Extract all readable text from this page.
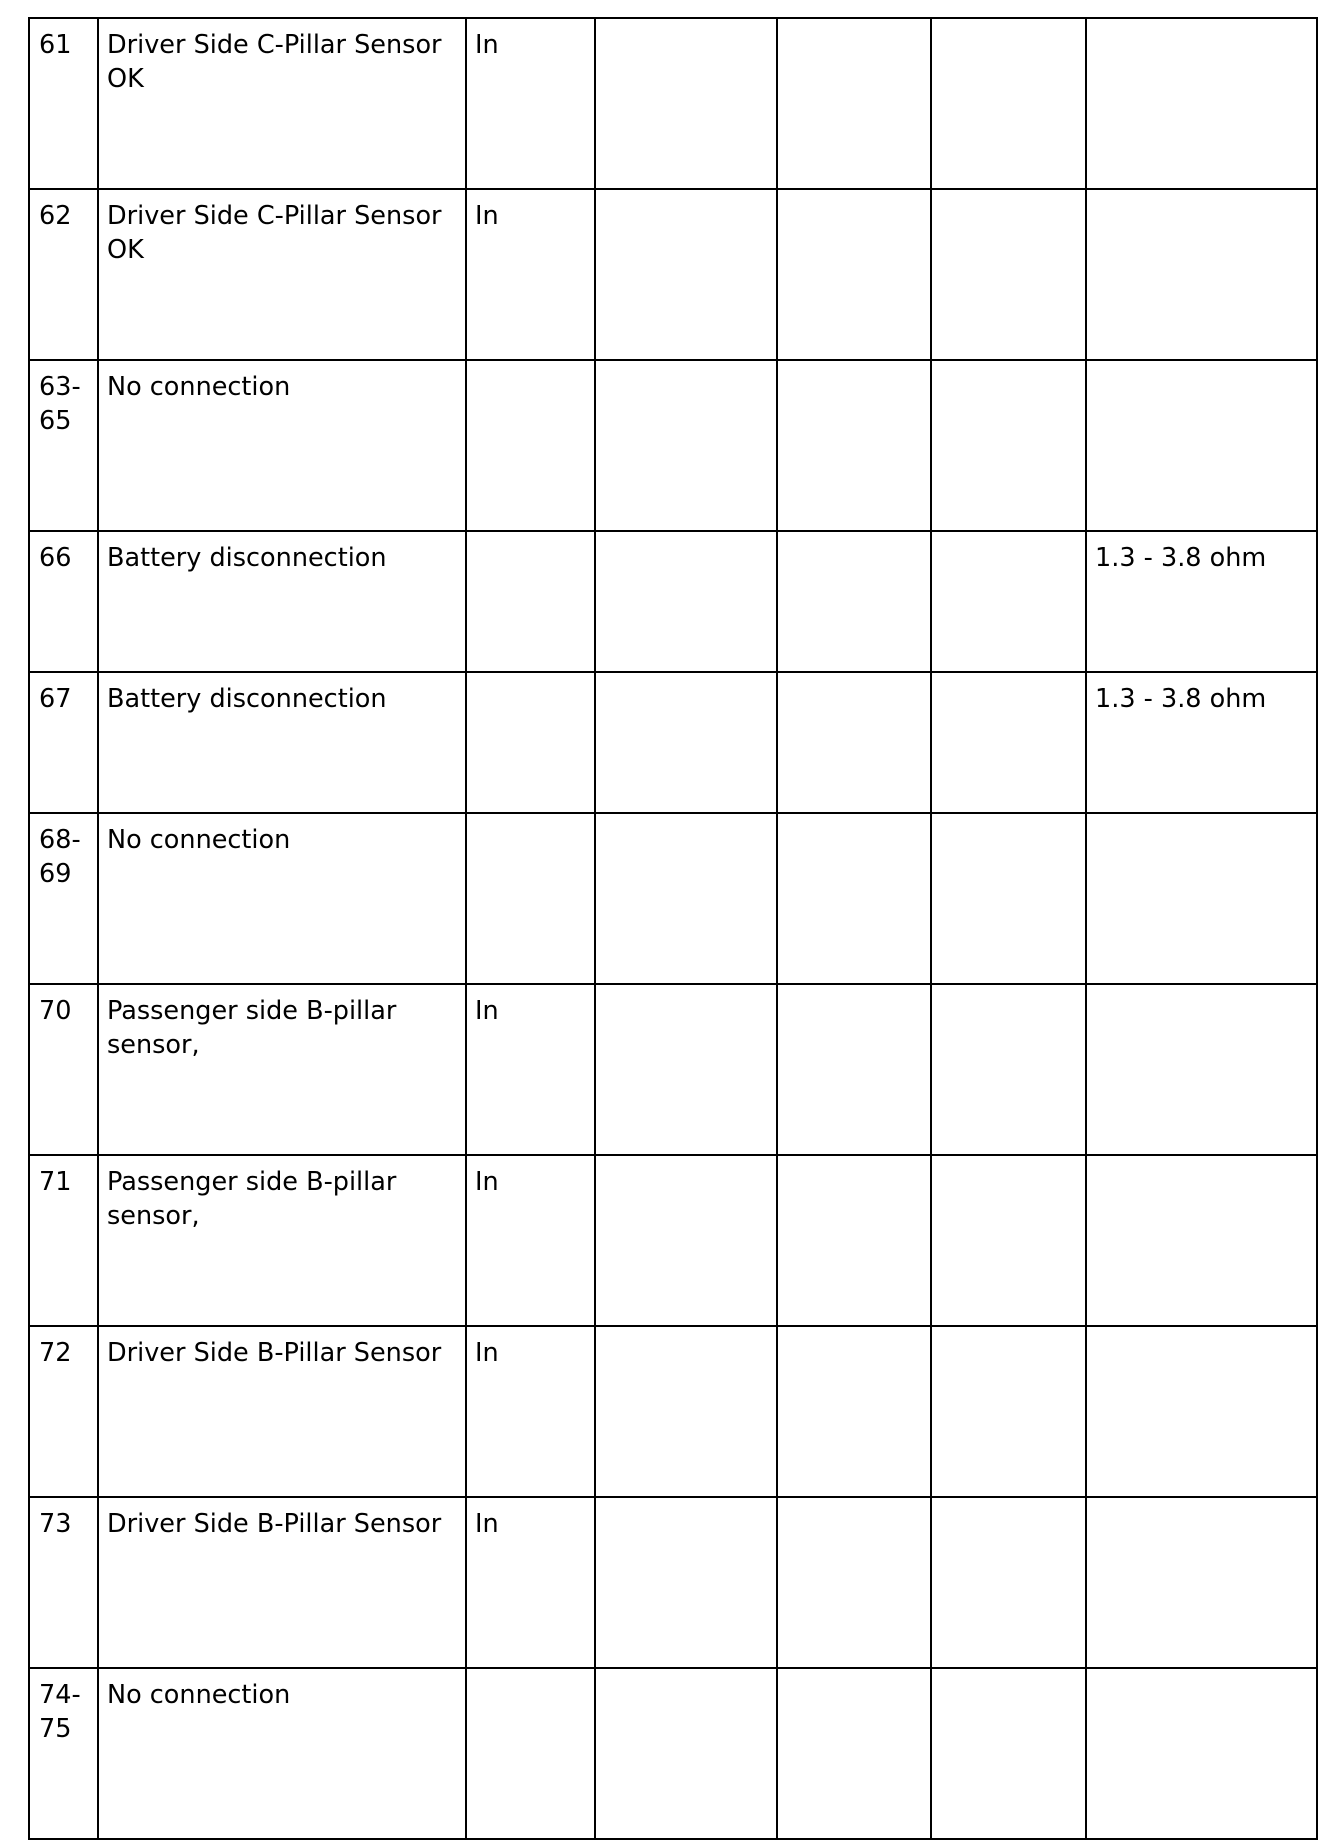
61	Driver Side C-Pillar Sensor OK	In				
62	Driver Side C-Pillar Sensor OK	In				
63-65	No connection					
66	Battery disconnection					1.3 - 3.8 ohm
67	Battery disconnection					1.3 - 3.8 ohm
68-69	No connection					
70	Passenger side B-pillar sensor,	In				
71	Passenger side B-pillar sensor,	In				
72	Driver Side B-Pillar Sensor	In				
73	Driver Side B-Pillar Sensor	In				
74-75	No connection					
